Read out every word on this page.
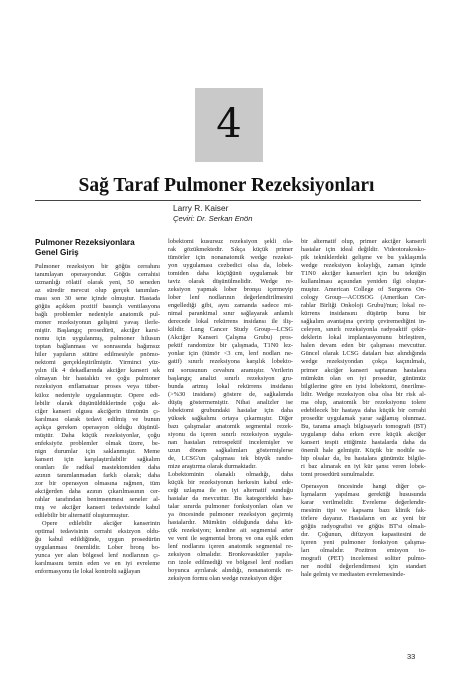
4
Sağ Taraf Pulmoner Rezeksiyonları
Larry R. Kaiser
Çeviri: Dr. Serkan Enön
Pulmoner Rezeksiyonlara
Genel Giriş
Pulmoner rezeksiyon bir göğüs cerrahını
tanımlayan operasyondur. Göğüs cerrahisi
uzmanlığı rölatif olarak yeni, 50 seneden
az süredir mevcut olup gerçek tanımlan-
ması son 30 sene içinde olmuştur. Hastada
göğüs açıkken pozitif basınçlı ventilasyona
bağlı problemler nedeniyle anatomik pul-
moner rezeksiyonun gelişimi yavaş ilerle-
miştir. Başlangıç prosedürü, akciğer karsi-
nomu için uygulanmış, pulmoner hilusun
toptan bağlanması ve sonrasında bağımsız
hiler yapıların sütüre edilmesiyle pnömo-
nektomi gerçekleştirilmiştir. Yirminci yüz-
yılın ilk 4 dekadlarında akciğer kanseri sık
olmayan bir hastalıktı ve çoğu pulmoner
rezeksiyon enflamatuar proses veya tüber-
küloz nedeniyle uygulanmıştır. Opere edi-
lebilir olarak düşünüldüklerinde çoğu ak-
ciğer kanseri olgusu akciğerin tümünün çı-
karılması olarak tedavi edilmiş ve bunun
açıkça gereken operasyon olduğu düşünül-
müştür. Daha küçük rezeksiyonlar, çoğu
enfeksiyöz problemler olmak üzere, be-
nign durumlar için saklanmıştır. Meme
kanseri için karşılaştırılabilir sağkalım
oranları ile radikal mastektomiden daha
azının tanımlanmadan farklı olarak; daha
zor bir operasyon olmasına rağmen, tüm
akciğerden daha azının çıkarılmasının cer-
rahlar tarafından benimsenmesi seneler al-
mış ve akciğer kanseri tedavisinde kabul
edilebilir bir alternatif oluşturmuştur.
Opere edilebilir akciğer kanserinin
optimal tedavisinin cerrahi eksizyon oldu-
ğu kabul edildiğinde, uygun prosedürün
uygulanması önemlidir. Lober bronş bo-
yunca yer alan bölgesel lenf nodlarının çı-
karılmasını temin eden ve en iyi evreleme
enformasyonu ile lokal kontrolü sağlayan
lobektomi kusursuz rezeksiyon şekli ola-
rak gözükmektedir. Sıkça küçük primer
tümörler için nonanatomik wedge rezeksi-
yon uygulaması cezbedici olsa da, lobek-
tomiden daha küçüğünü uygulamak bir
taviz olarak düşünülmelidir. Wedge re-
zeksiyon yapmak lober bronşu içermeyip
lober lenf nodlarının değerlendirilmesini
engellediği gibi, aynı zamanda sadece mi-
nimal parankimal sınır sağlayarak anlamlı
derecede lokal rekürrens insidansı ile iliş-
kilidir. Lung Cancer Study Group—LCSG
(Akciğer Kanseri Çalışma Grubu) pros-
pektif randomize bir çalışmada, T1N0 lez-
yonlar için (tümör <3 cm, lenf nodları ne-
gatif) sınırlı rezeksiyona karşılık lobekto-
mi sorusunun cevabını aramıştır. Verilerin
başlangıç analizi sınırlı rezeksiyon gru-
bunda artmış lokal rekürrens insidansı
(>%30 insidans) göstere de, sağkalımda
düşüş göstermemiştir. Nihai analizler ise
lobektomi grubundaki hastalar için daha
yüksek sağkalımı ortaya çıkarmıştır. Diğer
bazı çalışmalar anatomik segmental rezek-
siyonu da içeren sınırlı rezeksiyon uygula-
nan hastaları retrospektif incelemişler ve
uzun dönem sağkalımları göstermişlerse
de, LCSG'un çalışması tek büyük rando-
mize araştırma olarak durmaktadır.
Lobektominin olanaklı olmadığı, daha
küçük bir rezeksiyonun herkesin kabul ede-
ceği uzlaşma ile en iyi alternatif sunduğu
hastalar da mevcuttur. Bu kategorideki has-
talar sınırda pulmoner fonksiyonları olan ve
ya öncesinde pulmoner rezeksiyon geçirmiş
hastalardır. Mümkün olduğunda daha kü-
çük rezeksiyon; kendine ait segmental arter
ve veni ile segmental bronş ve ona eşlik eden
lenf nodlarını içeren anatomik segmental re-
zeksiyon olmalıdır. Bronkovasküler yapıla-
rın izole edilmediği ve bölgesel lenf nodları
boyunca ayrılarak alındığı, nonanatomik re-
zeksiyon formu olan wedge rezeksiyon diğer
bir alternatif olup, primer akciğer kanserli
hastalar için ideal değildir. Videotorakosko-
pik tekniklerdeki gelişme ve bu yaklaşımla
wedge rezeksiyon kolaylığı, zaman içinde
T1N0 akciğer kanserleri için bu tekniğin
kullanılması açısından yeniden ilgi oluştur-
muştur. American College of Surgeons On-
cology Group—ACOSOG (Amerikan Cer-
rahlar Birliği Onkoloji Grubu)'nun; lokal re-
kürrens insidansını düşürüp bunu bir
sağkalım avantajına çevirip çeviremediğini in-
celeyen, sınırlı rezeksiyonla radyoaktif çekir-
deklerin lokal implantasyonunu birleştiren,
halen devam eden bir çalışması mevcuttur.
Güncel olarak LCSG dataları baz alındığında
wedge rezeksiyondan çokça kaçınılmalı,
primer akciğer kanseri saptanan hastalara
mümkün olan en iyi prosedür, günümüz
bilgilerine göre en iyisi lobektomi, önerilme-
lidir. Wedge rezeksiyon olsa olsa bir risk al-
ma olup, anatomik bir rezeksiyonu tolere
edebilecek bir hastaya daha küçük bir cerrahi
prosedür uygulamak yarar sağlamış olunmaz.
Bu, tarama amaçlı bilgisayarlı tomografi (BT)
uygulanıp daha erken evre küçük akciğer
kanseri tespit ettiğimiz hastalarda daha da
önemli hale gelmiştir. Küçük bir nodüle sa-
hip olsalar da, bu hastalara günümüz bilgile-
ri baz alınarak en iyi kür şansı veren lobek-
tomi prosedürü sunulmalıdır.
Operasyon öncesinde hangi diğer ça-
lışmaların yapılması gerektiği hususunda
karar verilmelidir. Evreleme değerlendir-
mesinin tipi ve kapsamı bazı klinik fak-
törlere dayanır. Hastaların en az yeni bir
göğüs radyografisi ve göğüs BT'si olmalı-
dır. Çoğunun, difüzyon kapasitesini de
içeren yeni pulmoner fonksiyon çalışma-
ları olmalıdır. Pozitron emisyon to-
mografi (PET) incelemesi soliter pulmo-
ner nodül değerlendirmesi için standart
hale gelmiş ve mediasten evrelemesinde-
33
